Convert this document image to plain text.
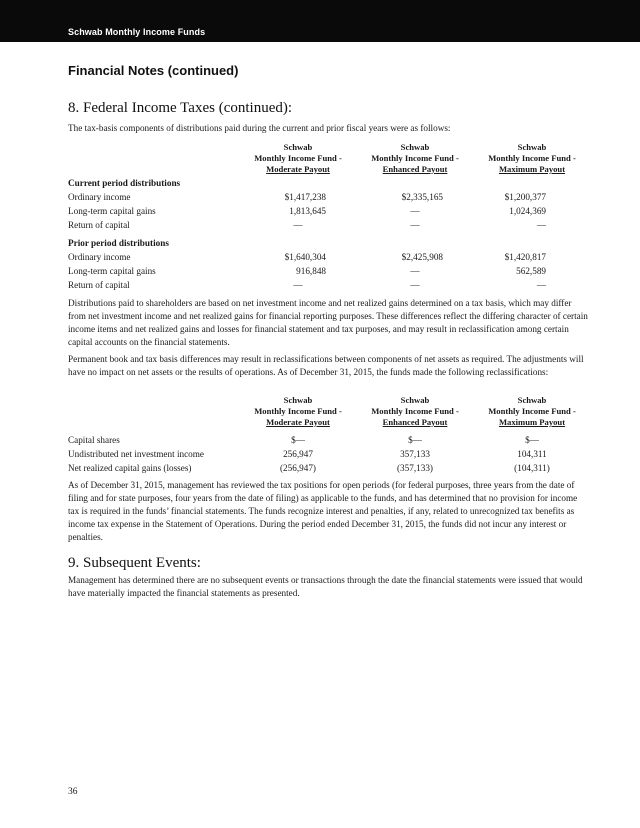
Schwab Monthly Income Funds
Financial Notes (continued)
8. Federal Income Taxes (continued):
The tax-basis components of distributions paid during the current and prior fiscal years were as follows:
Schwab
Monthly Income Fund -
Moderate Payout
Schwab
Monthly Income Fund -
Enhanced Payout
Schwab
Monthly Income Fund -
Maximum Payout
Current period distributions
Ordinary income	$1,417,238	$2,335,165	$1,200,377
Long-term capital gains	1,813,645	—	1,024,369
Return of capital	—	—	—
Prior period distributions
Ordinary income	$1,640,304	$2,425,908	$1,420,817
Long-term capital gains	916,848	—	562,589
Return of capital	—	—	—
Distributions paid to shareholders are based on net investment income and net realized gains determined on a tax basis, which may differ from net investment income and net realized gains for financial reporting purposes. These differences reflect the differing character of certain income items and net realized gains and losses for financial statement and tax purposes, and may result in reclassification among certain capital accounts on the financial statements.
Permanent book and tax basis differences may result in reclassifications between components of net assets as required. The adjustments will have no impact on net assets or the results of operations. As of December 31, 2015, the funds made the following reclassifications:
Schwab
Monthly Income Fund -
Moderate Payout
Schwab
Monthly Income Fund -
Enhanced Payout
Schwab
Monthly Income Fund -
Maximum Payout
Capital shares	$—	$—	$—
Undistributed net investment income	256,947	357,133	104,311
Net realized capital gains (losses)	(256,947)	(357,133)	(104,311)
As of December 31, 2015, management has reviewed the tax positions for open periods (for federal purposes, three years from the date of filing and for state purposes, four years from the date of filing) as applicable to the funds, and has determined that no provision for income tax is required in the funds’ financial statements. The funds recognize interest and penalties, if any, related to unrecognized tax benefits as income tax expense in the Statement of Operations. During the period ended December 31, 2015, the funds did not incur any interest or penalties.
9. Subsequent Events:
Management has determined there are no subsequent events or transactions through the date the financial statements were issued that would have materially impacted the financial statements as presented.
36
